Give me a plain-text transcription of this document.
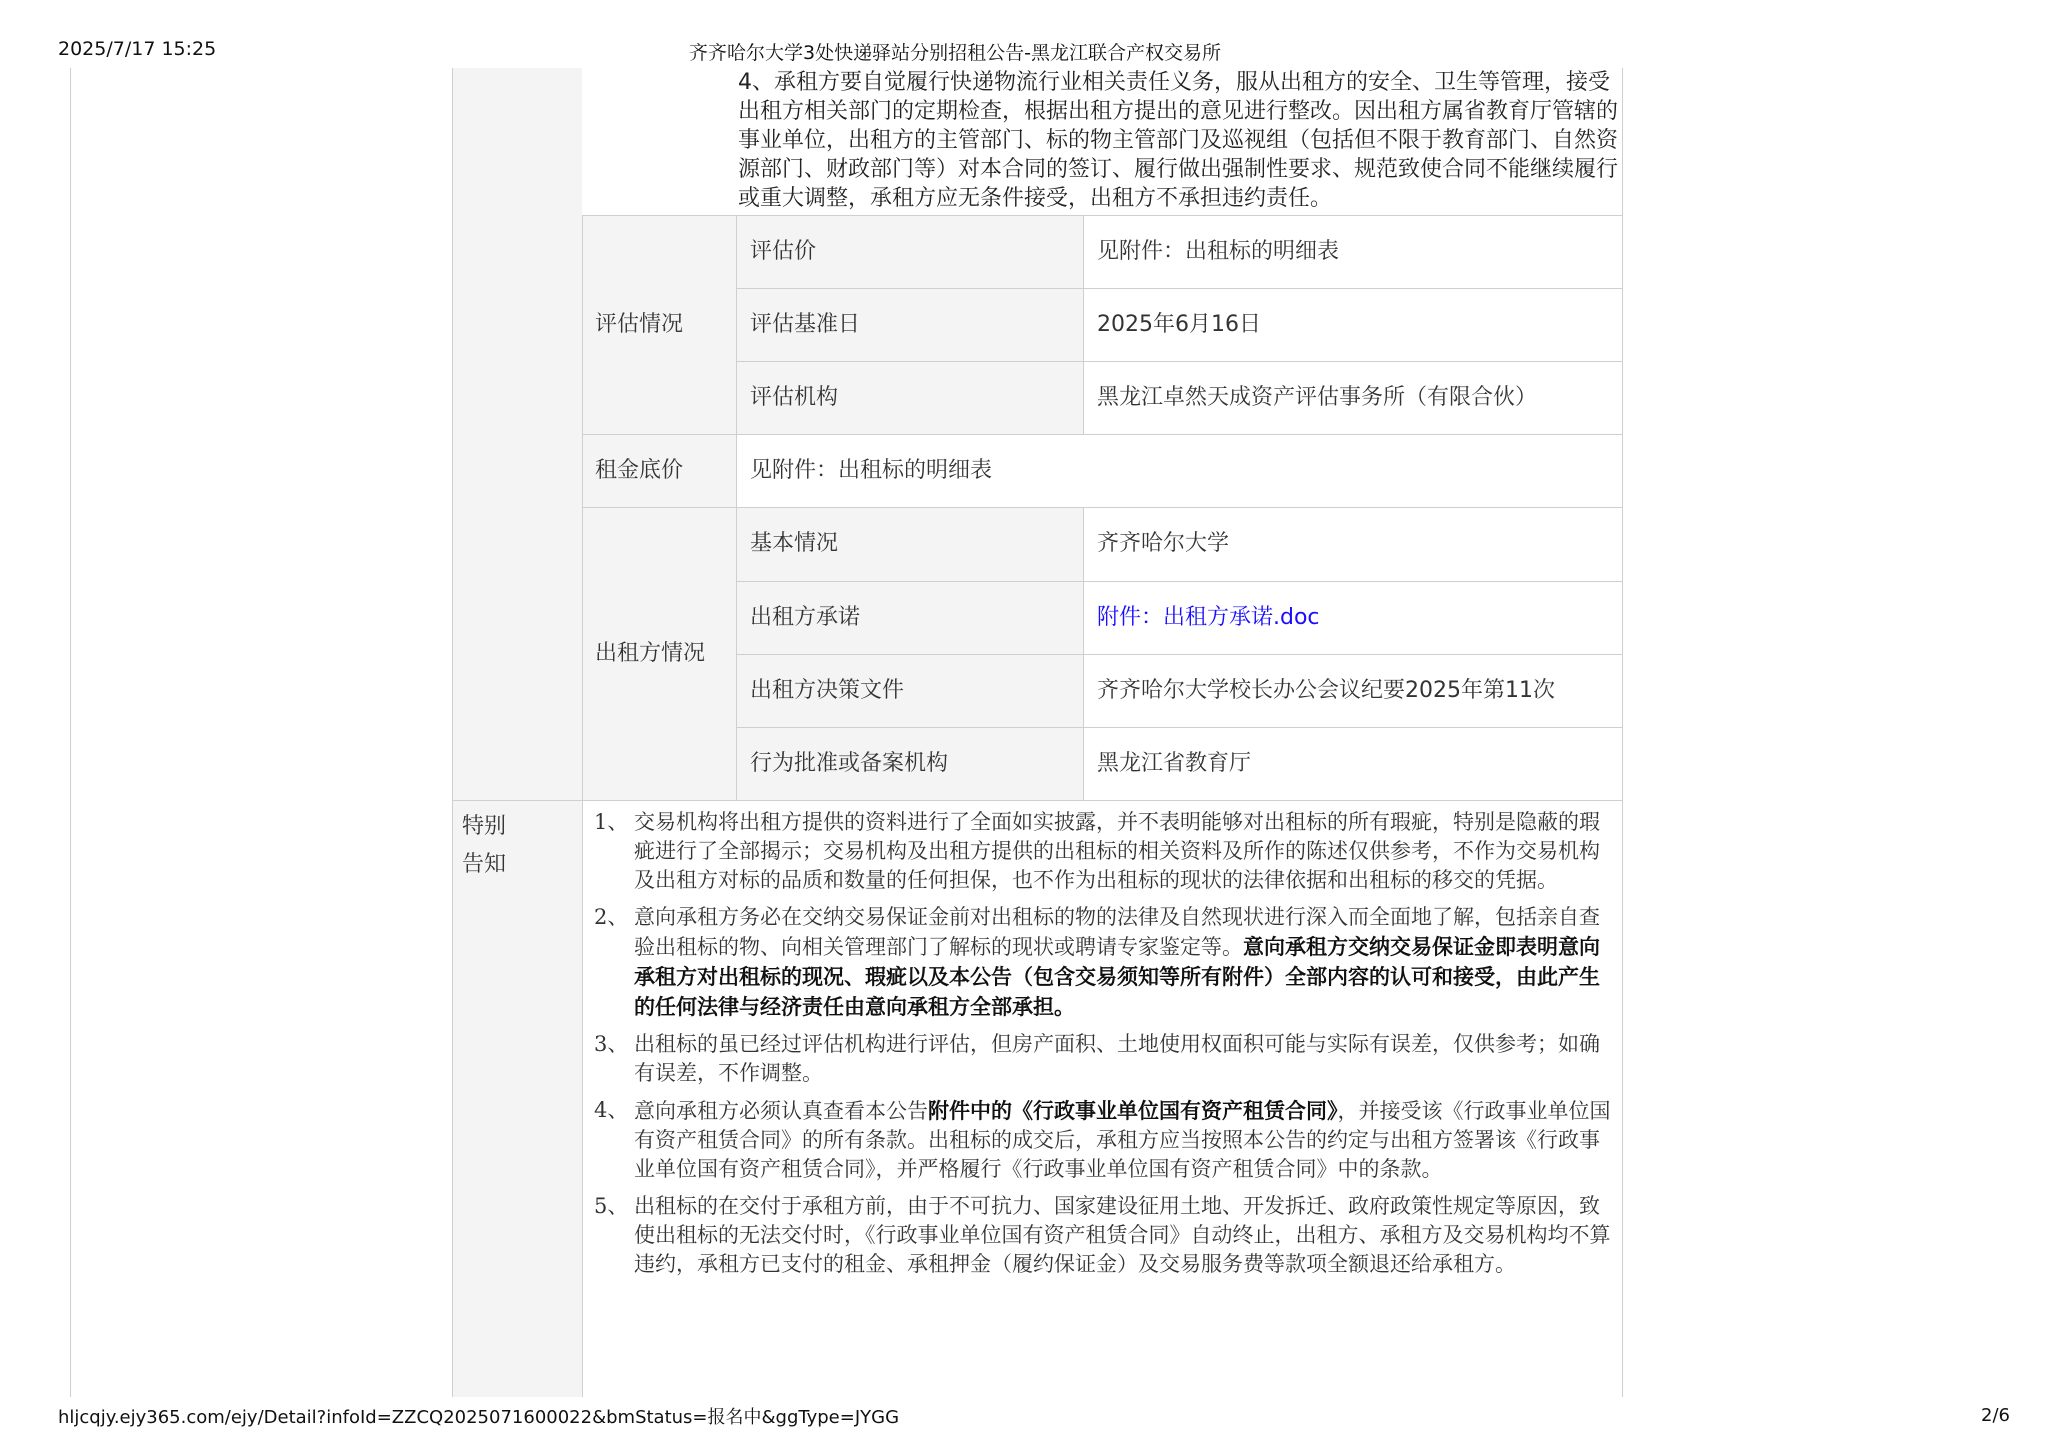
2025/7/17 15:25	齐齐哈尔大学3处快递驿站分别招租公告-黑龙江联合产权交易所
hljcqjy.ejy365.com/ejy/Detail?infoId=ZZCQ2025071600022&bmStatus=报名中&ggType=JYGG	2/6

4、承租方要自觉履行快递物流行业相关责任义务，服从出租方的安全、卫生等管理，接受出租方相关部门的定期检查，根据出租方提出的意见进行整改。因出租方属省教育厅管辖的事业单位，出租方的主管部门、标的物主管部门及巡视组（包括但不限于教育部门、自然资源部门、财政部门等）对本合同的签订、履行做出强制性要求、规范致使合同不能继续履行或重大调整，承租方应无条件接受，出租方不承担违约责任。

评估情况
评估价	见附件：出租标的明细表
评估基准日	2025年6月16日
评估机构	黑龙江卓然天成资产评估事务所（有限合伙）
租金底价	见附件：出租标的明细表
出租方情况
基本情况	齐齐哈尔大学
出租方承诺	附件：出租方承诺.doc
出租方决策文件	齐齐哈尔大学校长办公会议纪要2025年第11次
行为批准或备案机构	黑龙江省教育厅
特别
告知
1、 交易机构将出租方提供的资料进行了全面如实披露，并不表明能够对出租标的所有瑕疵，特别是隐蔽的瑕疵进行了全部揭示；交易机构及出租方提供的出租标的相关资料及所作的陈述仅供参考，不作为交易机构及出租方对标的品质和数量的任何担保，也不作为出租标的现状的法律依据和出租标的移交的凭据。
2、 意向承租方务必在交纳交易保证金前对出租标的物的法律及自然现状进行深入而全面地了解，包括亲自查验出租标的物、向相关管理部门了解标的现状或聘请专家鉴定等。意向承租方交纳交易保证金即表明意向承租方对出租标的现况、瑕疵以及本公告（包含交易须知等所有附件）全部内容的认可和接受，由此产生的任何法律与经济责任由意向承租方全部承担。
3、 出租标的虽已经过评估机构进行评估，但房产面积、土地使用权面积可能与实际有误差，仅供参考；如确有误差，不作调整。
4、 意向承租方必须认真查看本公告附件中的《行政事业单位国有资产租赁合同》，并接受该《行政事业单位国有资产租赁合同》的所有条款。出租标的成交后，承租方应当按照本公告的约定与出租方签署该《行政事业单位国有资产租赁合同》，并严格履行《行政事业单位国有资产租赁合同》中的条款。
5、 出租标的在交付于承租方前，由于不可抗力、国家建设征用土地、开发拆迁、政府政策性规定等原因，致使出租标的无法交付时，《行政事业单位国有资产租赁合同》自动终止，出租方、承租方及交易机构均不算违约，承租方已支付的租金、承租押金（履约保证金）及交易服务费等款项全额退还给承租方。
